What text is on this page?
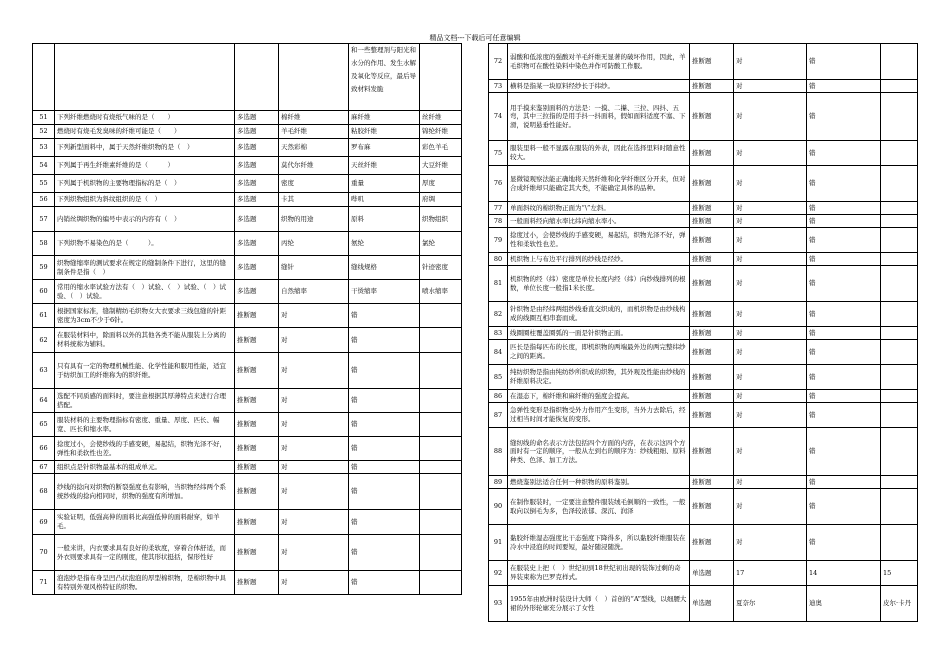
精品文档---下载后可任意编辑
				和一些整理剂与阳光和水分的作用、发生水解及氧化等反应，最后导致材料发脆	
51	下列纤维燃烧时有烧纸气味的是（　　）	多选题	棉纤维	麻纤维	丝纤维
52	燃烧时有烧毛发臭味的纤维可能是（　　）	多选题	羊毛纤维	粘胶纤维	锦纶纤维
53	下列新型面料中，属于天然纤维织物的是（　）	多选题	天然彩棉	罗布麻	彩色羊毛
54	下列属于再生纤维素纤维的是（　　　）	多选题	莫代尔纤维	天丝纤维	大豆纤维
55	下列属于机织物的主要物理指标的是（　）	多选题	密度	重量	厚度
56	下列织物组织为斜纹组织的是（　）	多选题	卡其	哔叽	府绸
57	内销丝绸织物的编号中表示的内容有（　）	多选题	织物的用途	原料	织物组织
58	下列织物不易染色的是（　　　）。	多选题	丙纶	氨纶	氯纶
59	织物缝缩率的测试要求在规定的缝制条件下进行，这里的缝制条件是指（　）	多选题	缝针	缝线规格	针迹密度
60	常用的缩水率试验方法有（　）试验、（　）试验、（　）试验、（　）试验。	多选题	自然缩率	干烫缩率	喷水缩率
61	根据国家标准，缝制精纺毛织物女大衣要求三线包缝的针距密度为3cm不少于6针。	推断题	对	错	
62	在服装材料中，除面料以外的其他各类不能从服装上分离的材料统称为辅料。	推断题	对	错	
63	只有具有一定的物理机械性能、化学性能和服用性能，适宜于纺织加工的纤维称为的织纤维。	推断题	对	错	
64	选配不同质感的面料时，要注意根据其厚薄特点来进行合理搭配。	推断题	对	错	
65	服装材料的主要物理指标有密度、重量、厚度、匹长、幅宽、匹长和缩水率。	推断题	对	错	
66	捻度过小，会使纱线的手感变硬，易起结，织物光泽不好，弹性和柔软性也差。	推断题	对	错	
67	组织点是针织物最基本的组成单元。	推断题	对	错	
68	纱线的捻向对织物的断裂强度也有影响，当织物经纬两个系统纱线的捻向相同时，织物的强度有所增加。	推断题	对	错	
69	实验证明，低强高伸的面料比高强低伸的面料耐穿，如羊毛。	推断题	对	错	
70	一般来讲，内衣要求具有良好的柔软度，穿着合体舒适，而外衣则要求具有一定的刚度，使其形状挺括，保形性好	推断题	对	错	
71	泡泡纱是指布身呈凹凸状泡泡的厚型棉织物，是棉织物中具有特别外观风格特征的织物。	推断题	对	错	
72	弱酸和低浓度的强酸对羊毛纤维无显著的破坏作用，因此，羊毛织物可在酸性染料中染色并作可防酸工作服。	推断题	对	错	
73	横料是指某一块原料经纱长于纬纱。	推断题	对	错	
74	用手摸来鉴别面料的方法是：一摸、二攥、三拉、四抖、五弯，其中三拉指的是用手抖一抖面料，假如面料适度不塞、下滑，说明悬垂性能好。	推断题	对	错	
75	服装里料一般不显露在服装的外表，因此在选择里料时随意性较大。	推断题	对	错	
76	显微镜观察法能正确地将天然纤维和化学纤维区分开来，但对合成纤维却只能确定其大类，不能确定具体的品种。	推断题	对	错	
77	单面斜纹的棉织物正面为“\”左斜。	推断题	对	错	
78	一般面料经向缩水率比纬向缩水率小。	推断题	对	错	
79	捻度过小，会使纱线的手感变硬，易起结，织物光泽不好，弹性和柔软性也差。	推断题	对	错	
80	机织物上与布边平行排列的纱线是经纱。	推断题	对	错	
81	机织物的经（纬）密度是单位长度内经（纬）向纱线排列的根数，单位长度一般指1米长度。	推断题	对	错	
82	针织物是由经纬两组纱线垂直交织成的，而机织物是由纱线构成的线圈互相串套而成。	推断题	对	错	
83	线圈圈柱覆盖圈弧的一面是针织物正面。	推断题	对	错	
84	匹长是指每匹布的长度，即机织物的两端最外边的两完整纬纱之间的距离。	推断题	对	错	
85	纯纺织物是指由纯纺纱所织成的织物，其外观及性能由纱线的纤维原料决定。	推断题	对	错	
86	在湿态下，棉纤维和麻纤维的强度会提高。	推断题	对	错	
87	急弹性变形是指织物受外力作用产生变形，当外力去除后，经过相当时间才能恢复的变形。	推断题	对	错	
88	缝纫线的命名表示方法包括四个方面的内容，在表示这四个方面时有一定的顺序，一般从左到右的顺序为：纱线粗细、原料种类、色泽、加工方法。	推断题	对	错	
89	燃烧鉴别法适合任何一种织物的原料鉴别。	推断题	对	错	
90	在制作服装时，一定要注意整件服装绒毛倒顺的一致性，一般取向以倒毛为多，色泽较浓郁、深沉、润泽	推断题	对	错	
91	黏胶纤维湿态强度比干态强度下降得多，所以黏胶纤维服装在冷水中浸泡的时间要短，最好随浸随洗。	推断题	对	错	
92	在服装史上把（　）世纪初到18世纪初出现的装饰过剩的奇异装束称为巴罗克样式。	单选题	17	14	15
93	1955年由欧洲时装设计大师（　）首创的“A”型线，以细腰大裙的外形轮廓充分展示了女性	单选题	夏奈尔	迪奥	皮尔·卡丹
